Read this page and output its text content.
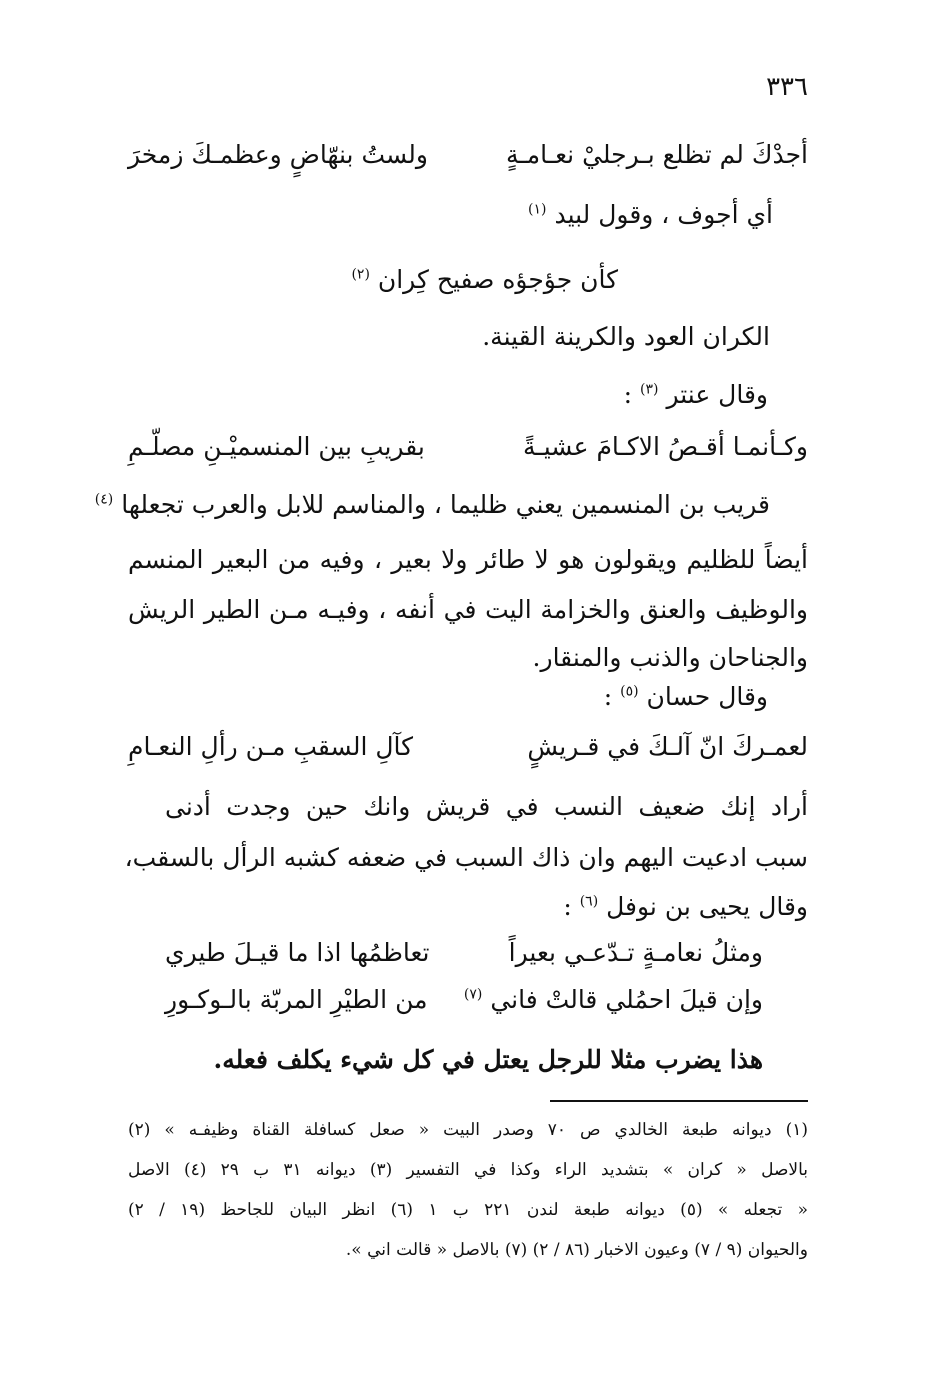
٣٣٦
أجدْكَ لم تظلع بـرجليْ نعـامـةٍ
ولستُ بنهّاضٍ وعظمـكَ زمخرَ
أي أجوف ، وقول لبيد $^{(١)}$
كأن جؤجؤه صفيح كِران $^{(٢)}$
الكران العود والكرينة القينة.
وقال عنتر $^{(٣)}$ :
وكـأنمـا أقـصُ الاكـامَ عشيـةً
بقريبِ بين المنسميْـنِ مصلّـمِ
قريب بن المنسمين يعني ظليما ، والمناسم للابل والعرب تجعلها $^{(٤)}$
أيضاً للظليم ويقولون هو لا طائر ولا بعير ، وفيه من البعير المنسم
والوظيف والعنق والخزامة اليت في أنفه ، وفيـه مـن الطير الريش
والجناحان والذنب والمنقار.
وقال حسان $^{(٥)}$ :
لعمـركَ انّ آلـكَ في قـريشٍ
كآلِ السقبِ مـن رألِ النعـامِ
أراد إنك ضعيف النسب في قريش وانك حين وجدت أدنى
سبب ادعيت اليهم وان ذاك السبب في ضعفه كشبه الرأل بالسقب،
وقال يحيى بن نوفل $^{(٦)}$ :
ومثلُ نعامـةٍ تـدّعـي بعيراً
تعاظمُها اذا ما قيـلَ طيري
وإن قيلَ احمُلي قالتْ فاني $^{(٧)}$
من الطيْرِ المربّة بالـوكـورِ
هذا يضرب مثلا للرجل يعتل في كل شيء يكلف فعله.
(١) ديوانه طبعة الخالدي ص ٧٠ وصدر البيت « صعل كسافلة القناة وظيفـه » (٢)
بالاصل « كران » بتشديد الراء وكذا في التفسير (٣) ديوانه ٣١ ب ٢٩ (٤) الاصل
« تجعله » (٥) ديوانه طبعة لندن ٢٢١ ب ١ (٦) انظر البيان للجاحظ (١٩ / ٢)
والحيوان (٩ / ٧) وعيون الاخبار (٨٦ / ٢) (٧) بالاصل « قالت اني ».
